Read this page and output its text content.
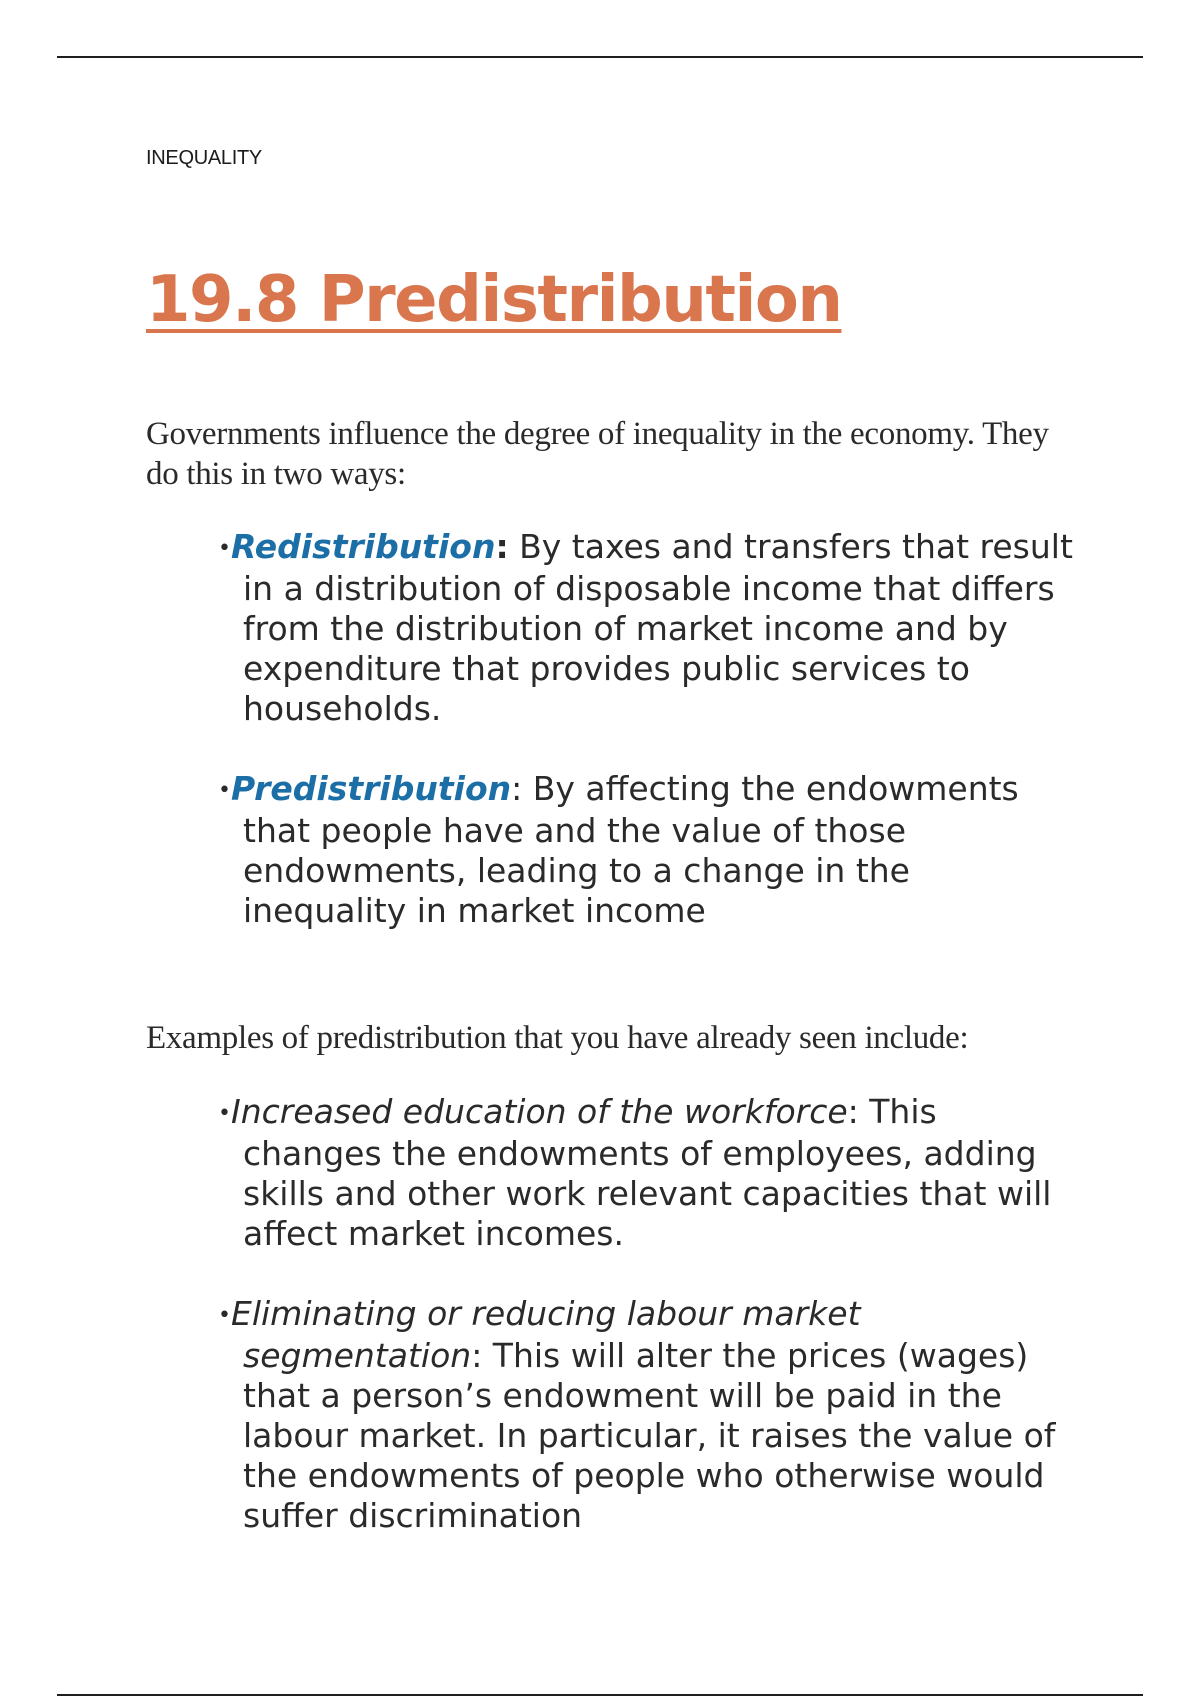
INEQUALITY
19.8 Predistribution

Governments influence the degree of inequality in the economy. They do this in two ways:

•Redistribution: By taxes and transfers that result in a distribution of disposable income that differs from the distribution of market income and by expenditure that provides public services to households.
•Predistribution: By affecting the endowments that people have and the value of those endowments, leading to a change in the inequality in market income

Examples of predistribution that you have already seen include:

•Increased education of the workforce: This changes the endowments of employees, adding skills and other work relevant capacities that will affect market incomes.
•Eliminating or reducing labour market segmentation: This will alter the prices (wages) that a person’s endowment will be paid in the labour market. In particular, it raises the value of the endowments of people who otherwise would suffer discrimination
